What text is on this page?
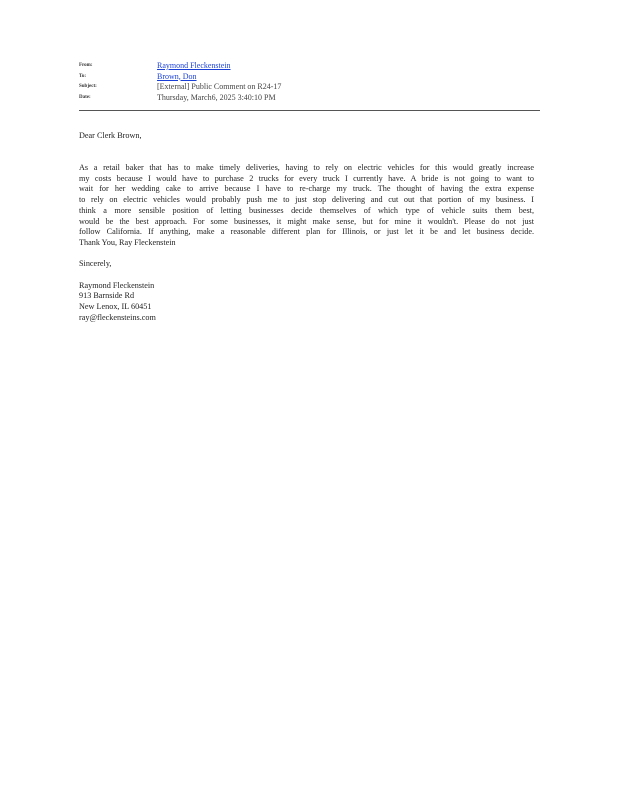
From:	Raymond Fleckenstein
To:	Brown, Don
Subject:	[External] Public Comment on R24-17
Date:	Thursday, March6, 2025 3:40:10 PM

Dear Clerk Brown,

As a retail baker that has to make timely deliveries, having to rely on electric vehicles for this would greatly increase
my costs because I would have to purchase 2 trucks for every truck I currently have. A bride is not going to want to
wait for her wedding cake to arrive because I have to re-charge my truck. The thought of having the extra expense
to rely on electric vehicles would probably push me to just stop delivering and cut out that portion of my business. I
think a more sensible position of letting businesses decide themselves of which type of vehicle suits them best,
would be the best approach. For some businesses, it might make sense, but for mine it wouldn't. Please do not just
follow California. If anything, make a reasonable different plan for Illinois, or just let it be and let business decide.
Thank You, Ray Fleckenstein

Sincerely,

Raymond Fleckenstein
913 Barnside Rd
New Lenox, IL 60451
ray@fleckensteins.com
